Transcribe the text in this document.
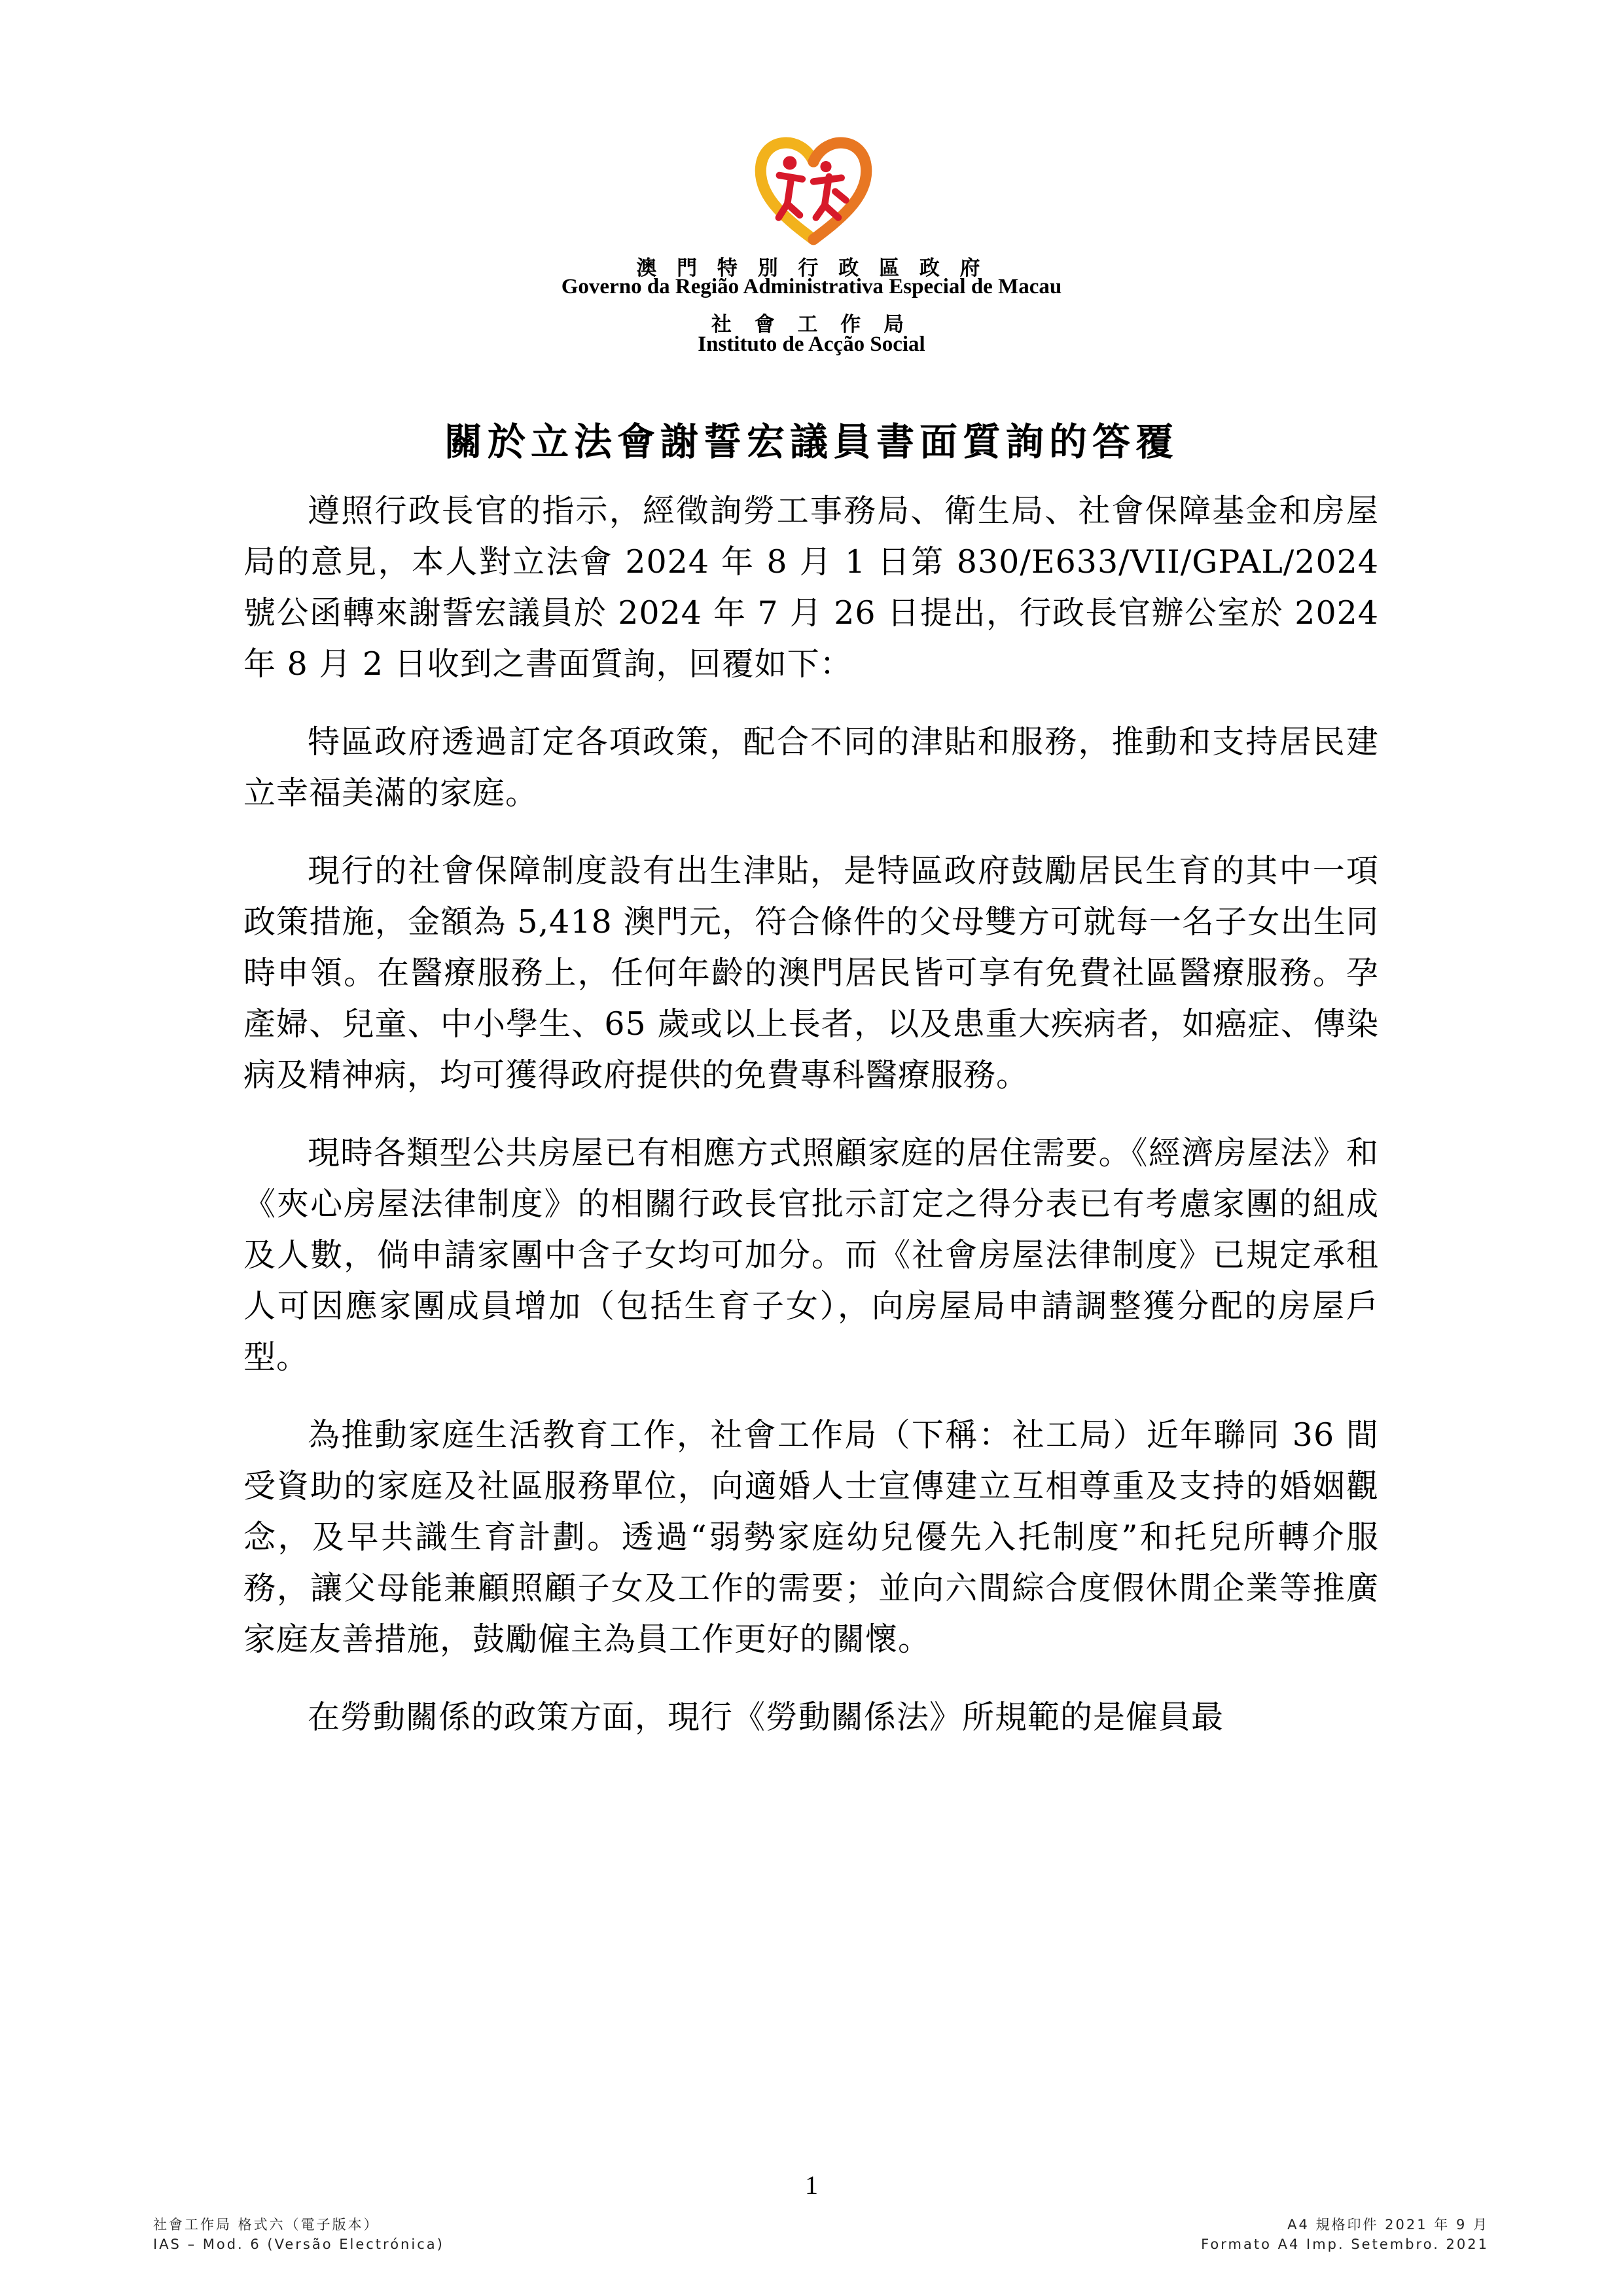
澳 門 特 別 行 政 區 政 府
Governo da Região Administrativa Especial de Macau
社 會 工 作 局
Instituto de Acção Social
關於立法會謝誓宏議員書面質詢的答覆

遵照行政長官的指示，經徵詢勞工事務局、衛生局、社會保障基金和房屋局的意見，本人對立法會 2024 年 8 月 1 日第 830/E633/VII/GPAL/2024 號公函轉來謝誓宏議員於 2024 年 7 月 26 日提出，行政長官辦公室於 2024 年 8 月 2 日收到之書面質詢，回覆如下：

特區政府透過訂定各項政策，配合不同的津貼和服務，推動和支持居民建立幸福美滿的家庭。

現行的社會保障制度設有出生津貼，是特區政府鼓勵居民生育的其中一項政策措施，金額為 5,418 澳門元，符合條件的父母雙方可就每一名子女出生同時申領。在醫療服務上，任何年齡的澳門居民皆可享有免費社區醫療服務。孕產婦、兒童、中小學生、65 歲或以上長者，以及患重大疾病者，如癌症、傳染病及精神病，均可獲得政府提供的免費專科醫療服務。

現時各類型公共房屋已有相應方式照顧家庭的居住需要。《經濟房屋法》和《夾心房屋法律制度》的相關行政長官批示訂定之得分表已有考慮家團的組成及人數，倘申請家團中含子女均可加分。而《社會房屋法律制度》已規定承租人可因應家團成員增加（包括生育子女），向房屋局申請調整獲分配的房屋戶型。

為推動家庭生活教育工作，社會工作局（下稱：社工局）近年聯同 36 間受資助的家庭及社區服務單位，向適婚人士宣傳建立互相尊重及支持的婚姻觀念，及早共識生育計劃。透過“弱勢家庭幼兒優先入托制度”和托兒所轉介服務，讓父母能兼顧照顧子女及工作的需要；並向六間綜合度假休閒企業等推廣家庭友善措施，鼓勵僱主為員工作更好的關懷。

在勞動關係的政策方面，現行《勞動關係法》所規範的是僱員最

1
社會工作局 格式六（電子版本）
IAS – Mod. 6 (Versão Electrónica)
A4 規格印件 2021 年 9 月
Formato A4 Imp. Setembro. 2021
